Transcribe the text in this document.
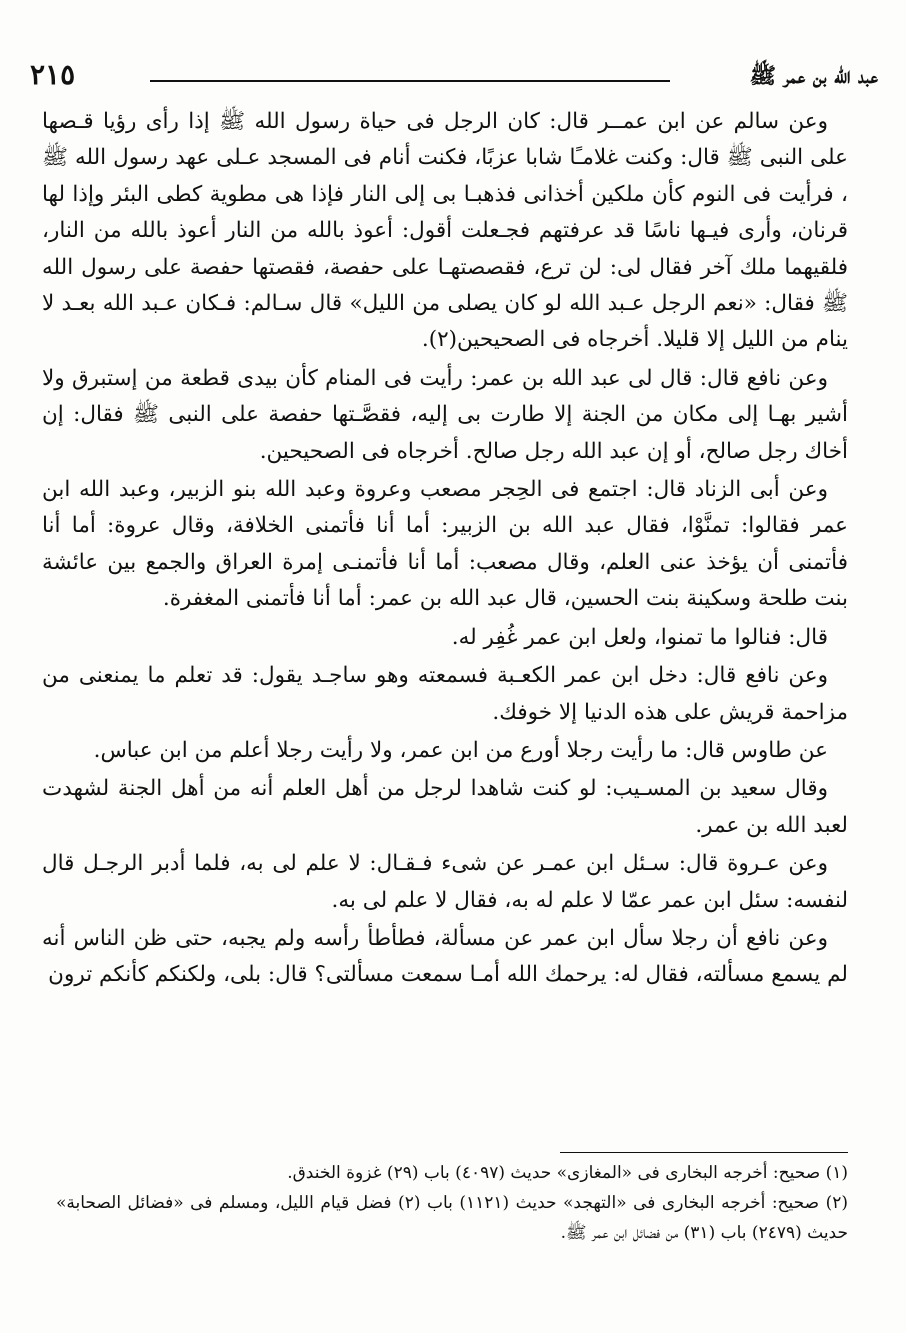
عبد الله بن عمر ﷺ
٢١٥

وعن سالم عن ابن عمــر قال: كان الرجل فى حياة رسول الله ﷺ إذا رأى رؤيا قـصها على النبى ﷺ قال: وكنت غلامـًا شابا عزبًا، فكنت أنام فى المسجد عـلى عهد رسول الله ﷺ ، فرأيت فى النوم كأن ملكين أخذانى فذهبـا بى إلى النار فإذا هى مطوية كطى البئر وإذا لها قرنان، وأرى فيـها ناسًا قد عرفتهم فجـعلت أقول: أعوذ بالله من النار أعوذ بالله من النار، فلقيهما ملك آخر فقال لى: لن ترع، فقصصتهـا على حفصة، فقصتها حفصة على رسول الله ﷺ فقال: «نعم الرجل عـبد الله لو كان يصلى من الليل» قال سـالم: فـكان عـبد الله بعـد لا ينام من الليل إلا قليلا. أخرجاه فى الصحيحين(٢).

وعن نافع قال: قال لى عبد الله بن عمر: رأيت فى المنام كأن بيدى قطعة من إستبرق ولا أشير بهـا إلى مكان من الجنة إلا طارت بى إليه، فقصَّـتها حفصة على النبى ﷺ فقال: إن أخاك رجل صالح، أو إن عبد الله رجل صالح. أخرجاه فى الصحيحين.

وعن أبى الزناد قال: اجتمع فى الحِجر مصعب وعروة وعبد الله بنو الزبير، وعبد الله ابن عمر فقالوا: تمنَّوْا، فقال عبد الله بن الزبير: أما أنا فأتمنى الخلافة، وقال عروة: أما أنا فأتمنى أن يؤخذ عنى العلم، وقال مصعب: أما أنا فأتمنـى إمرة العراق والجمع بين عائشة بنت طلحة وسكينة بنت الحسين، قال عبد الله بن عمر: أما أنا فأتمنى المغفرة.

قال: فنالوا ما تمنوا، ولعل ابن عمر غُفِر له.

وعن نافع قال: دخل ابن عمر الكعـبة فسمعته وهو ساجـد يقول: قد تعلم ما يمنعنى من مزاحمة قريش على هذه الدنيا إلا خوفك.

عن طاوس قال: ما رأيت رجلا أورع من ابن عمر، ولا رأيت رجلا أعلم من ابن عباس.

وقال سعيد بن المسـيب: لو كنت شاهدا لرجل من أهل العلم أنه من أهل الجنة لشهدت لعبد الله بن عمر.

وعن عـروة قال: سـئل ابن عمـر عن شىء فـقـال: لا علم لى به، فلما أدبر الرجـل قال لنفسه: سئل ابن عمر عمّا لا علم له به، فقال لا علم لى به.

وعن نافع أن رجلا سأل ابن عمر عن مسألة، فطأطأ رأسه ولم يجبه، حتى ظن الناس أنه لم يسمع مسألته، فقال له: يرحمك الله أمـا سمعت مسألتى؟ قال: بلى، ولكنكم كأنكم ترون

(١) صحيح: أخرجه البخارى فى «المغازى» حديث (٤٠٩٧) باب (٢٩) غزوة الخندق.

(٢) صحيح: أخرجه البخارى فى «التهجد» حديث (١١٢١) باب (٢) فضل قيام الليل، ومسلم فى «فضائل الصحابة» حديث (٢٤٧٩) باب (٣١) من فضائل ابن عمر ﷺ.
